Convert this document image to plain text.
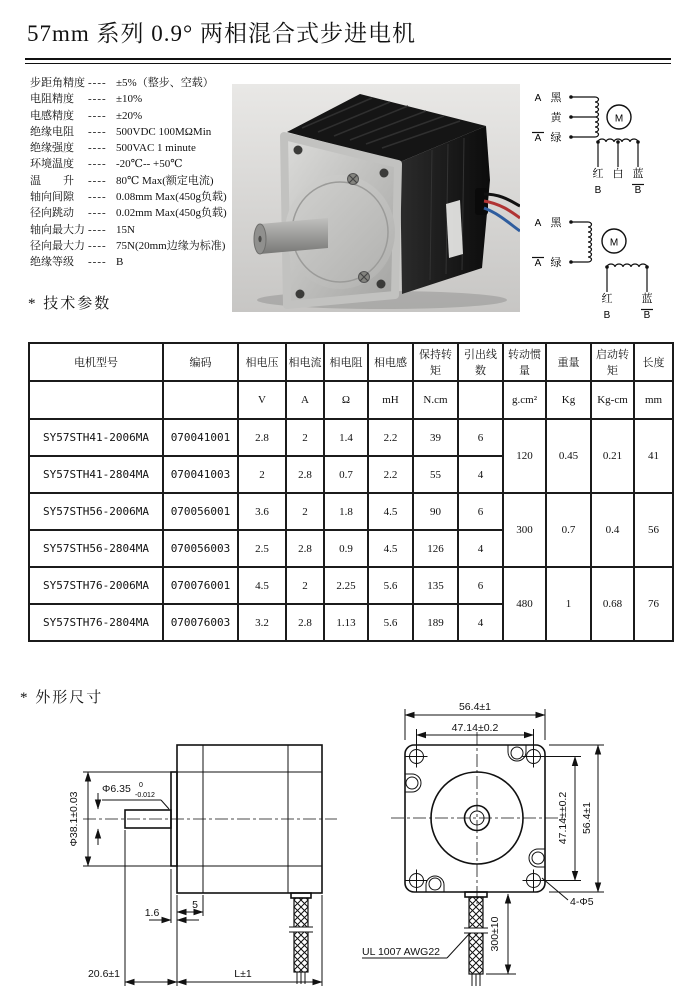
57mm 系列 0.9° 两相混合式步进电机
步距角精度 ---- ±5%（整步、空载）
电阻精度	---- ±10%
电感精度	---- ±20%
绝缘电阻	---- 500VDC 100MΩMin
绝缘强度	---- 500VAC 1 minute
环境温度	---- -20℃-- +50℃
温　　升	---- 80℃ Max(额定电流)
轴向间隙	---- 0.08mm Max(450g负载)
径向跳动	---- 0.02mm Max(450g负载)
轴向最大力 ---- 15N
径向最大力 ---- 75N(20mm边缘为标准)
绝缘等级	---- B
M
A 黑
黄
A 绿
红 白 蓝
B	B
M
A 黑
A 绿
红	蓝
B	B
* 技术参数
电机型号	编码	相电压	相电流	相电阻	相电感	保持转矩	引出线数	转动惯量	重量	启动转矩	长度
		V	A	Ω	mH	N.cm		g.cm²	Kg	Kg-cm	mm
SY57STH41-2006MA	070041001	2.8	2	1.4	2.2	39	6	120	0.45	0.21	41
SY57STH41-2804MA	070041003	2	2.8	0.7	2.2	55	4				
SY57STH56-2006MA	070056001	3.6	2	1.8	4.5	90	6	300	0.7	0.4	56
SY57STH56-2804MA	070056003	2.5	2.8	0.9	4.5	126	4				
SY57STH76-2006MA	070076001	4.5	2	2.25	5.6	135	6	480	1	0.68	76
SY57STH76-2804MA	070076003	3.2	2.8	1.13	5.6	189	4				
* 外形尺寸
Φ38.1±0.03
Φ6.35 0
-0.012
1.6
5
20.6±1	L±1
56.4±1
47.14±0.2
47.14±±0.2 56.4±1
4-Φ5
300±10
UL 1007 AWG22
